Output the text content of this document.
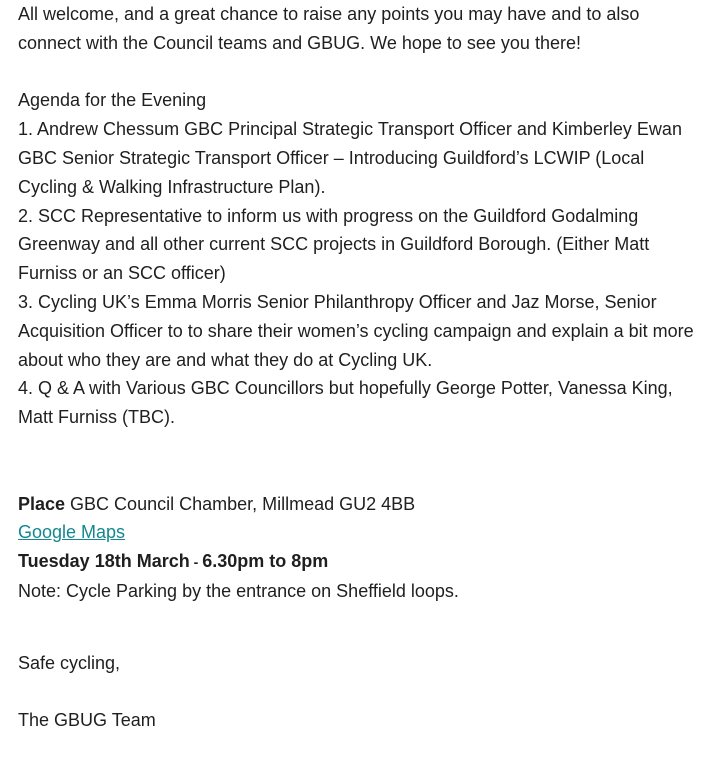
All welcome, and a great chance to raise any points you may have and to also connect with the Council teams and GBUG. We hope to see you there!

Agenda for the Evening

1. Andrew Chessum GBC Principal Strategic Transport Officer and Kimberley Ewan GBC Senior Strategic Transport Officer – Introducing Guildford’s LCWIP (Local Cycling & Walking Infrastructure Plan).

2. SCC Representative to inform us with progress on the Guildford Godalming Greenway and all other current SCC projects in Guildford Borough. (Either Matt Furniss or an SCC officer)

3. Cycling UK’s Emma Morris Senior Philanthropy Officer and Jaz Morse, Senior Acquisition Officer to to share their women’s cycling campaign and explain a bit more about who they are and what they do at Cycling UK.

4. Q & A with Various GBC Councillors but hopefully George Potter, Vanessa King, Matt Furniss (TBC).

Place GBC Council Chamber, Millmead GU2 4BB

Google Maps

Tuesday 18th March - 6.30pm to 8pm

Note: Cycle Parking by the entrance on Sheffield loops.

Safe cycling,

The GBUG Team
